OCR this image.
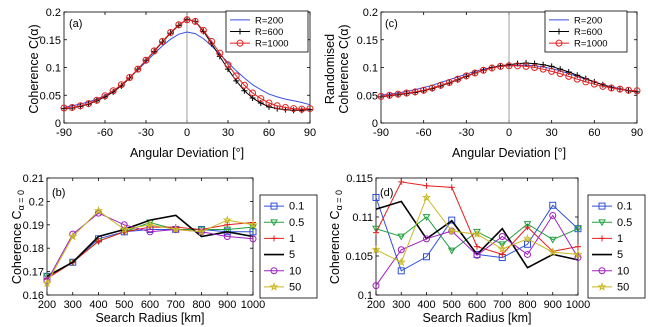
-90 -60 -30	0	30	60	90
0
0.05
0.1
0.15
0.2
(a)
Angular Deviation [°]
Coherence C(α)
R=200
R=600
R=1000
-90 -60 -30	0	30	60	90
0
0.05
0.1
0.15
0.2
(c)
Angular Deviation [°]
RandomisedCoherence C(α)
R=200
R=600
R=1000
200 300 400 500 600 700 800 900 1000
0.16
0.17
0.18
0.19
0.2
0.21
(b)
Search Radius [km]
Coherence $C_{\alpha = 0}$	0.1
0.5
1
5
10
50
200 300 400 500 600 700 800 900 1000
0.1
0.105
0.11
0.115
(d)
Search Radius [km]
Coherence $C_{\alpha = 0}$	0.1
0.5
1
5
10
50
